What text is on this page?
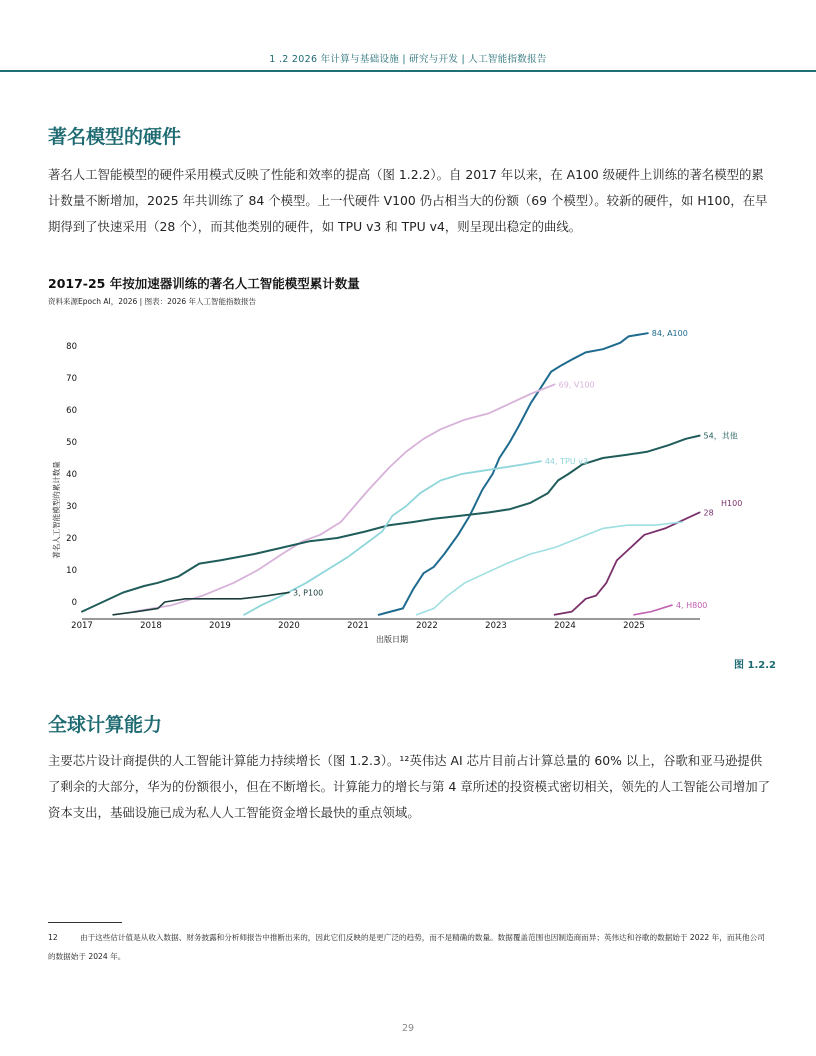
1 .2 2026 年计算与基础设施 | 研究与开发 | 人工智能指数报告
著名模型的硬件

著名人工智能模型的硬件采用模式反映了性能和效率的提高（图 1.2.2）。自 2017 年以来，在 A100 级硬件上训练的著名模型的累计数量不断增加，2025 年共训练了 84 个模型。上一代硬件 V100 仍占相当大的份额（69 个模型）。较新的硬件，如 H100，在早期得到了快速采用（28 个），而其他类别的硬件，如 TPU v3 和 TPU v4，则呈现出稳定的曲线。

2017-25 年按加速器训练的著名人工智能模型累计数量
资料来源Epoch AI，2026 | 图表：2026 年人工智能指数报告
0
10
20
30
40
50
60
70
80
2017	2018	2019	2020	2021	2022	2023	2024	2025
出版日期
著名人工智能模型的累计数量
84, A100
69, V100
54，其他
44, TPU v3
28
3, P100
4, H800
H100
图 1.2.2
全球计算能力

主要芯片设计商提供的人工智能计算能力持续增长（图 1.2.3）。¹²英伟达 AI 芯片目前占计算总量的 60% 以上，谷歌和亚马逊提供了剩余的大部分，华为的份额很小，但在不断增长。计算能力的增长与第 4 章所述的投资模式密切相关，领先的人工智能公司增加了资本支出，基础设施已成为私人人工智能资金增长最快的重点领域。

12	由于这些估计值是从收入数据、财务披露和分析师报告中推断出来的，因此它们反映的是更广泛的趋势，而不是精确的数量。数据覆盖范围也因制造商而异；英伟达和谷歌的数据始于 2022 年，而其他公司的数据始于 2024 年。
29
